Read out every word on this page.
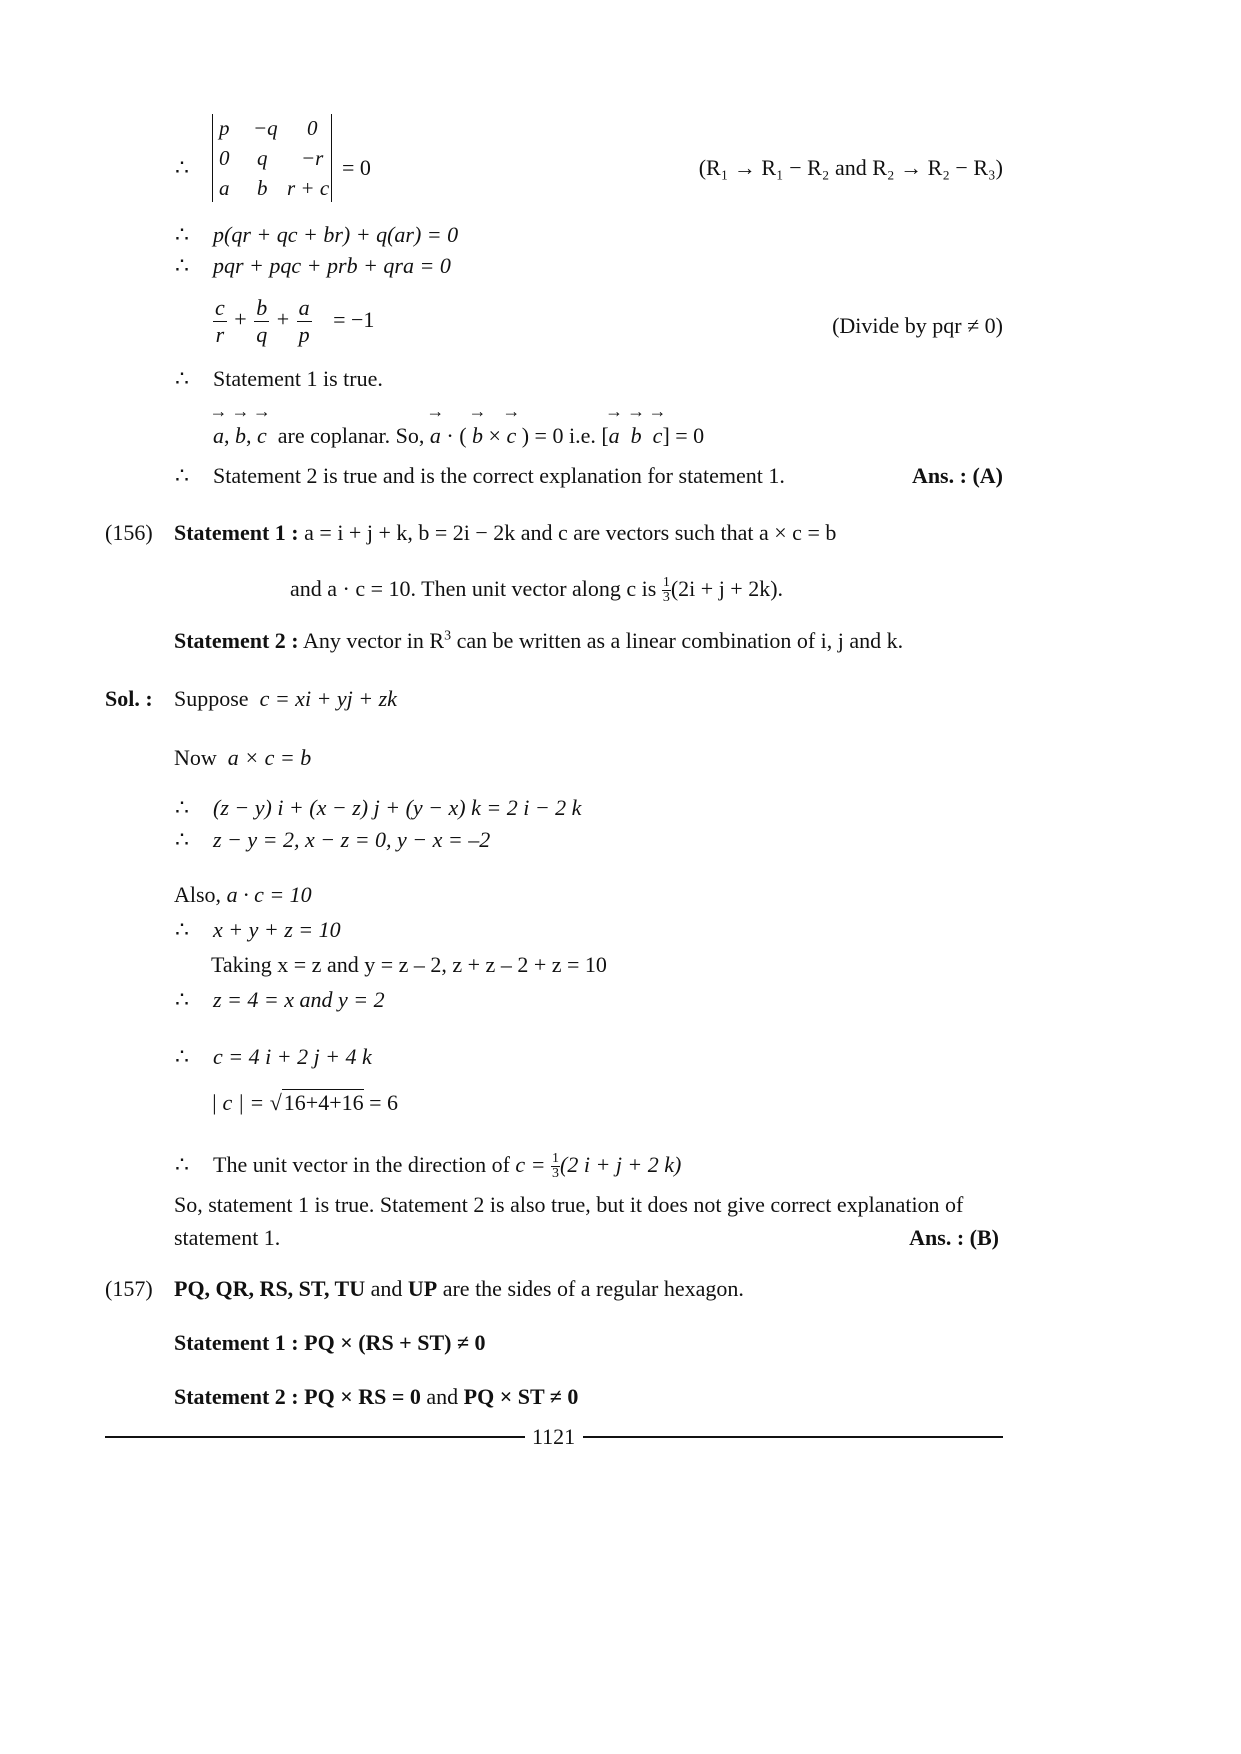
∴
p −q 0
0 q −r
a b r + c
= 0	(R₁ → R₁ − R₂ and R₂ → R₂ − R₃)
∴ p(qr + qc + br) + q(ar) = 0
∴ pqr + pqc + prb + qra = 0
$\frac{c}{r} + \frac{b}{q} + \frac{a}{p} = -1$	(Divide by pqr ≠ 0)
∴ Statement 1 is true.
→
a,
→
b,
→
c are coplanar. So,
→
a · (
→
b ×
→
c ) = 0 i.e. [
→
a
→
b
→
c] = 0
∴ Statement 2 is true and is the correct explanation for statement 1.	Ans. : (A)
(156) Statement 1 : a = i + j + k, b = 2i − 2k and c are vectors such that a × c = b
and a · c = 10. Then unit vector along c is $\frac{1}{3} (2i + j + 2k)$.
Statement 2 : Any vector in $R^3$ can be written as a linear combination of i, j and k.
Sol. : Suppose c = xi + yj + zk
Now a × c = b
∴ (z − y) i + (x − z) j + (y − x) k = 2 i − 2 k
∴ z − y = 2, x − z = 0, y − x = –2
Also, a · c = 10
∴ x + y + z = 10
Taking x = z and y = z – 2, z + z – 2 + z = 10
∴ z = 4 = x and y = 2
∴ c = 4 i + 2 j + 4 k
| c | = √16+4+16 = 6
∴ The unit vector in the direction of $c = \frac{1}{3} (2$ i + j + 2 k)
So, statement 1 is true. Statement 2 is also true, but it does not give correct explanation of
statement 1.	Ans. : (B)
(157) PQ, QR, RS, ST, TU and UP are the sides of a regular hexagon.
Statement 1 : PQ × (RS + ST) ≠ 0
Statement 2 : PQ × RS = 0 and PQ × ST ≠ 0
1121
